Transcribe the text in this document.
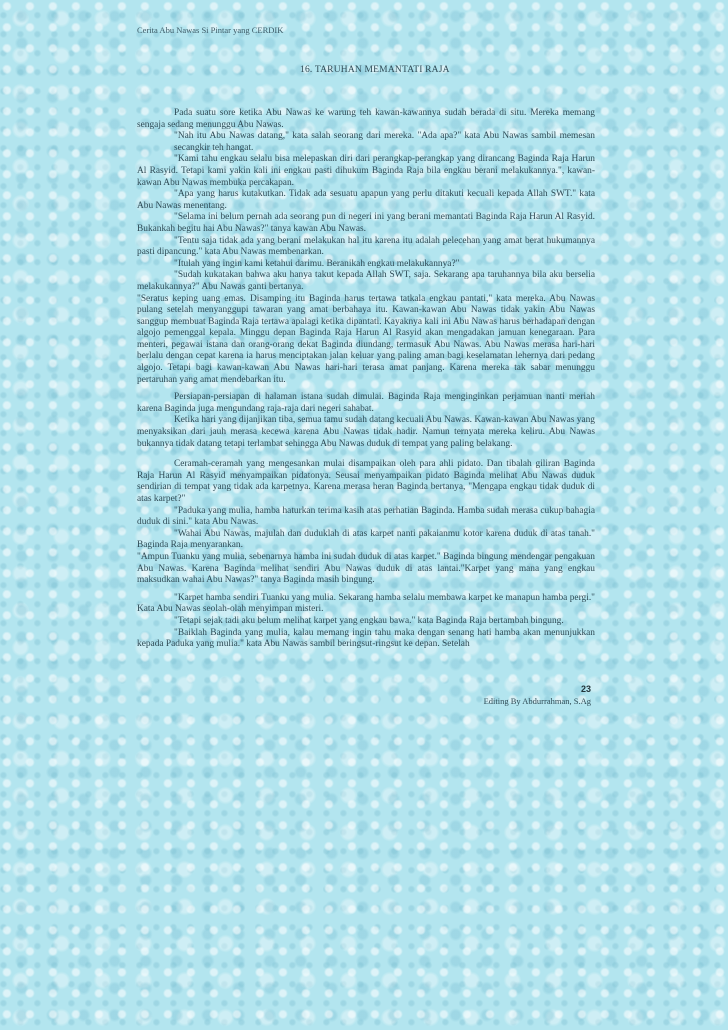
Cerita Abu Nawas Si Pintar yang CERDIK
16. TARUHAN MEMANTATI RAJA

Pada suatu sore ketika Abu Nawas ke warung teh kawan-kawannya sudah berada di situ. Mereka memang sengaja sedang menunggu Abu Nawas.

"Nah itu Abu Nawas datang," kata salah seorang dari mereka. "Ada apa?" kata Abu Nawas sambil memesan secangkir teh hangat.

"Kami tahu engkau selalu bisa melepaskan diri dari perangkap-perangkap yang dirancang Baginda Raja Harun Al Rasyid. Tetapi kami yakin kali ini engkau pasti dihukum Baginda Raja bila engkau berani melakukannya.", kawan-kawan Abu Nawas membuka percakapan.

"Apa yang harus kutakutkan. Tidak ada sesuatu apapun yang perlu ditakuti kecuali kepada Allah SWT." kata Abu Nawas menentang.

"Selama ini belum pernah ada seorang pun di negeri ini yang berani memantati Baginda Raja Harun Al Rasyid. Bukankah begitu hai Abu Nawas?" tanya kawan Abu Nawas.

"Tentu saja tidak ada yang berani melakukan hal itu karena itu adalah pelecehan yang amat berat hukumannya pasti dipancung." kata Abu Nawas membenarkan.

"Itulah yang ingin kami ketahui darimu. Beranikah engkau melakukannya?"

"Sudah kukatakan bahwa aku hanya takut kepada Allah SWT, saja. Sekarang apa taruhannya bila aku berselia melakukannya?" Abu Nawas ganti bertanya.

"Seratus keping uang emas. Disamping itu Baginda harus tertawa tatkala engkau pantati," kata mereka. Abu Nawas pulang setelah menyanggupi tawaran yang amat berbahaya itu. Kawan-kawan Abu Nawas tidak yakin Abu Nawas sanggup membuat Baginda Raja tertawa apalagi ketika dipantati. Kayaknya kali ini Abu Nawas harus berhadapan dengan algojo pemenggal kepala. Minggu depan Baginda Raja Harun Al Rasyid akan mengadakan jamuan kenegaraan. Para menteri, pegawai istana dan orang-orang dekat Baginda diundang, termasuk Abu Nawas. Abu Nawas merasa hari-hari berlalu dengan cepat karena ia harus menciptakan jalan keluar yang paling aman bagi keselamatan lehernya dari pedang algojo. Tetapi bagi kawan-kawan Abu Nawas hari-hari terasa amat panjang. Karena mereka tak sabar menunggu pertaruhan yang amat mendebarkan itu.

Persiapan-persiapan di halaman istana sudah dimulai. Baginda Raja menginginkan perjamuan nanti meriah karena Baginda juga mengundang raja-raja dari negeri sahabat.

Ketika hari yang dijanjikan tiba, semua tamu sudah datang kecuali Abu Nawas. Kawan-kawan Abu Nawas yang menyaksikan dari jauh merasa kecewa karena Abu Nawas tidak hadir. Namun ternyata mereka keliru. Abu Nawas bukannya tidak datang tetapi terlambat sehingga Abu Nawas duduk di tempat yang paling belakang.

Ceramah-ceramah yang mengesankan mulai disampaikan oleh para ahli pidato. Dan tibalah giliran Baginda Raja Harun Al Rasyid menyampaikan pidatonya. Seusai menyampaikan pidato Baginda melihat Abu Nawas duduk sendirian di tempat yang tidak ada karpetnya. Karena merasa heran Baginda bertanya, "Mengapa engkau tidak duduk di atas karpet?"

"Paduka yang mulia, hamba haturkan terima kasih atas perhatian Baginda. Hamba sudah merasa cukup bahagia duduk di sini." kata Abu Nawas.

"Wahai Abu Nawas, majulah dan duduklah di atas karpet nanti pakaianmu kotor karena duduk di atas tanah." Baginda Raja menyarankan.

"Ampun Tuanku yang mulia, sebenarnya hamba ini sudah duduk di atas karpet." Baginda bingung mendengar pengakuan Abu Nawas. Karena Baginda melihat sendiri Abu Nawas duduk di atas lantai."Karpet yang mana yang engkau maksudkan wahai Abu Nawas?" tanya Baginda masih bingung.

"Karpet hamba sendiri Tuanku yang mulia. Sekarang hamba selalu membawa karpet ke manapun hamba pergi." Kata Abu Nawas seolah-olah menyimpan misteri.

"Tetapi sejak tadi aku belum melihat karpet yang engkau bawa." kata Baginda Raja bertambah bingung.

"Baiklah Baginda yang mulia, kalau memang ingin tahu maka dengan senang hati hamba akan menunjukkan kepada Paduka yang mulia." kata Abu Nawas sambil beringsut-ringsut ke depan. Setelah

23
Editing By Abdurrahman, S.Ag
